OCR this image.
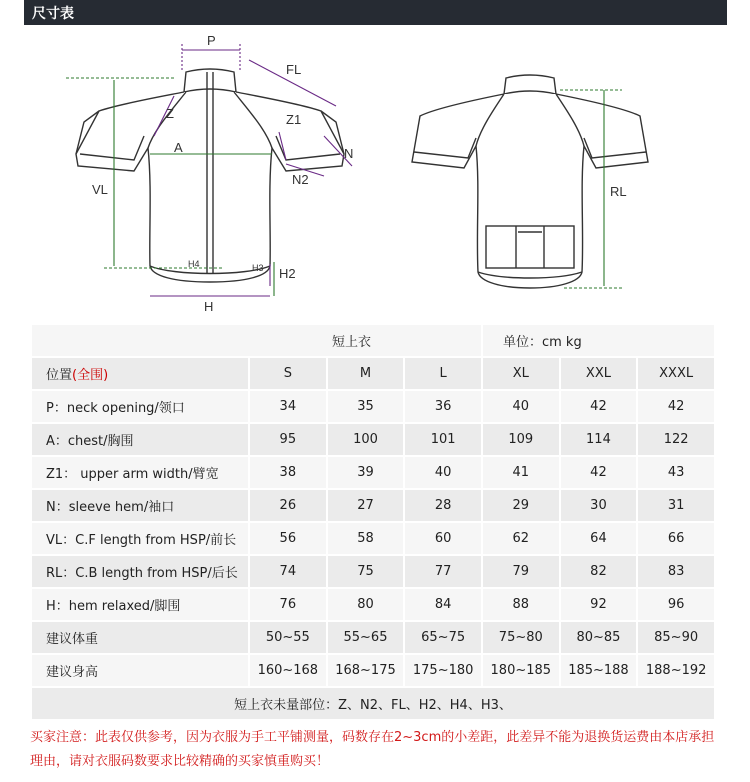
尺寸表
P
FL
Z	Z1
A	N
N2
VL
H4	H3 H2
H
RL
短上衣				单位：cm kg		
位置(全围)	S	M	L	XL	XXL	XXXL
P：neck opening/领口	34	35	36	40	42	42
A：chest/胸围	95	100	101	109	114	122
Z1： upper arm width/臂宽	38	39	40	41	42	43
N：sleeve hem/袖口	26	27	28	29	30	31
VL：C.F length from HSP/前长	56	58	60	62	64	66
RL：C.B length from HSP/后长	74	75	77	79	82	83
H：hem relaxed/脚围	76	80	84	88	92	96
建议体重	50~55	55~65	65~75	75~80	80~85	85~90
建议身高	160~168	168~175	175~180	180~185	185~188	188~192
短上衣未量部位：Z、N2、FL、H2、H4、H3、						
买家注意：此表仅供参考，因为衣服为手工平铺测量，码数存在2~3cm的小差距，此差异不能为退换货运费由本店承担理由，请对衣服码数要求比较精确的买家慎重购买！
